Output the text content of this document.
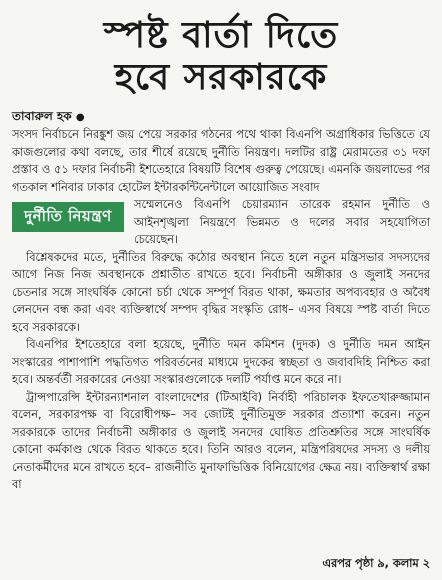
স্পষ্ট বার্তা দিতে
হবে সরকারকে
তাবারুল হক ●

সংসদ নির্বাচনে নিরঙ্কুশ জয় পেয়ে সরকার গঠনের পথে থাকা বিএনপি অগ্রাধিকার ভিত্তিতে যে কাজগুলোর কথা বলছে, তার শীর্ষে রয়েছে দুর্নীতি নিয়ন্ত্রণ। দলটির রাষ্ট্র মেরামতের ৩১ দফা প্রস্তাব ও ৫১ দফার নির্বাচনী ইশতেহারে বিষয়টি বিশেষ গুরুত্ব পেয়েছে। এমনকি জয়লাভের পর গতকাল শনিবার ঢাকার হোটেল ইন্টারকন্টিনেন্টালে আয়োজিত সংবাদ

দুর্নীতি নিয়ন্ত্রণ

সম্মেলনেও বিএনপি চেয়ারম্যান তারেক রহমান দুর্নীতি ও আইনশৃঙ্খলা নিয়ন্ত্রণে ভিন্নমত ও দলের সবার সহযোগিতা চেয়েছেন।

বিশ্লেষকদের মতে, দুর্নীতির বিরুদ্ধে কঠোর অবস্থান নিতে হলে নতুন মন্ত্রিসভার সদস্যদের আগে নিজ নিজ অবস্থানকে প্রশ্নাতীত রাখতে হবে। নির্বাচনী অঙ্গীকার ও জুলাই সনদের চেতনার সঙ্গে সাংঘর্ষিক কোনো চর্চা থেকে সম্পূর্ণ বিরত থাকা, ক্ষমতার অপব্যবহার ও অবৈধ লেনদেন বন্ধ করা এবং ব্যক্তিস্বার্থে সম্পদ বৃদ্ধির সংস্কৃতি রোধ– এসব বিষয়ে স্পষ্ট বার্তা দিতে হবে সরকারকে।

বিএনপির ইশতেহারে বলা হয়েছে, দুর্নীতি দমন কমিশন (দুদক) ও দুর্নীতি দমন আইন সংস্কারের পাশাপাশি পদ্ধতিগত পরিবর্তনের মাধ্যমে দুদকের স্বচ্ছতা ও জবাবদিহি নিশ্চিত করা হবে। অন্তর্বর্তী সরকারের নেওয়া সংস্কারগুলোকে দলটি পর্যাপ্ত মনে করে না।

ট্রান্সপারেন্সি ইন্টারন্যাশনাল বাংলাদেশের (টিআইবি) নির্বাহী পরিচালক ইফতেখারুজ্জামান বলেন, সরকারপক্ষ বা বিরোধীপক্ষ– সব জোটই দুর্নীতিমুক্ত সরকার প্রত্যাশা করেন। নতুন সরকারকে তাদের নির্বাচনী অঙ্গীকার ও জুলাই সনদের ঘোষিত প্রতিশ্রুতির সঙ্গে সাংঘর্ষিক কোনো কর্মকাণ্ড থেকে বিরত থাকতে হবে। তিনি আরও বলেন, মন্ত্রিপরিষদের সদস্য ও দলীয় নেতাকর্মীদের মনে রাখতে হবে– রাজনীতি মুনাফাভিত্তিক বিনিয়োগের ক্ষেত্র নয়। ব্যক্তিস্বার্থ রক্ষা বা

এরপর পৃষ্ঠা ৯, কলাম ২
